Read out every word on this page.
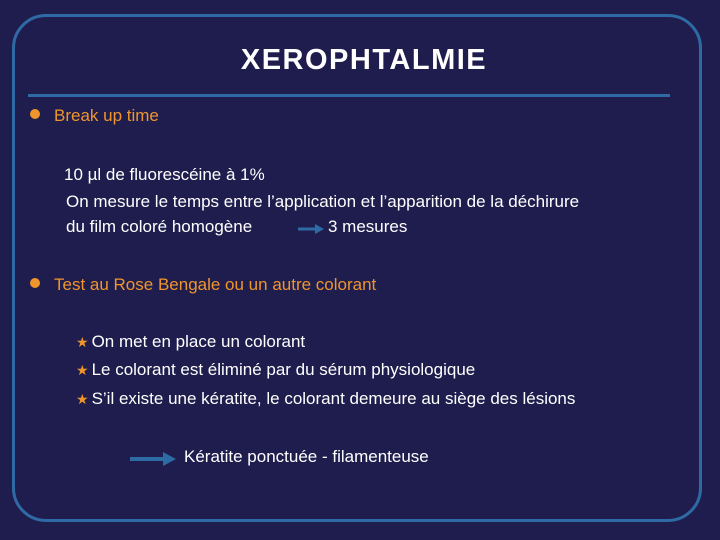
XEROPHTALMIE
Break up time
10 µl de fluorescéine à 1%
On mesure le temps entre l’application et l’apparition de la déchirure
du film coloré homogène	3 mesures
Test au Rose Bengale ou un autre colorant
★ On met en place un colorant
★ Le colorant est éliminé par du sérum physiologique
★ S’il existe une kératite, le colorant demeure au siège des lésions
Kératite ponctuée - filamenteuse
